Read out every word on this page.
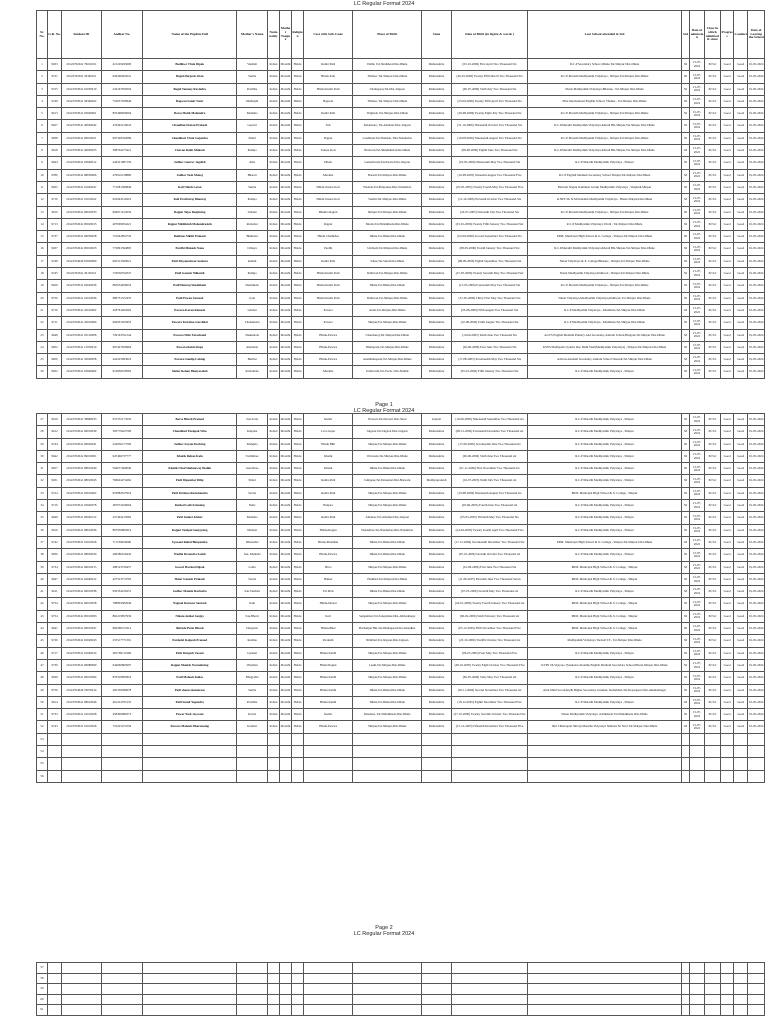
LC Regular Format 2024
Sr. No.	G.R. No.	Student ID	Aadhar No.	Name of the Pupil in Full	Mother's Name	Natio nality	Mother Tongue	Religion	Cast with Sub-Caste	Place of Birth	State	Date of Birth (in figure & words )	Last School attended & Std	Std	Date of admission	Class in which admitted & since	Progress	Conduct	Date of Leaving the School
1	9633	20122702041 79010011	415229295600	Badhiwe Vivek Dipak	Vaishali	Indian	Marathi	Hindu	Kunbi Patil	Palthi, Tal-Sindkhed-Dist-Dhule	Maharashtra	(03-10-2006) First April Two Thousand Six	R.C.P Secondary School ,Dhule,Tal-Shirpur Dist-Dhule	XI	15-07-2022	XI Sci	Good	Good	01-05-2024
2	9721	20122702041 56340011	926290264541	Bagul Durgesh Jiran	Sunita	Indian	Marathi	Hindu	Hindu Koli	Thalner, Tal-Shirpur Dist-Dhule	Maharashtra	(26-03-2006) Twenty Fifth March Two Thousand Six	R.C.P Marathi Madhyamik Vidyalaya , Shirpur,Tal-Shirpur Dist-Dhule	XI	15-07-2022	XI Sci	Good	Good	01-05-2024
3	9725	20122702041 01050010	234167959556	Bagul Tanmay Ravindra	Pratibha	Indian	Marathi	Hindu	Hindu Kunbi Patil	Chalisgaon,Tal-Dist-Jalgaon	Maharashtra	(06-07-2006) Sixth July Two Thousand Six	Nutan Madhyamik Vidyalaya,Bhatane , Tal-Shirpur Dist-Dhule	XI	15-07-2022	XI Sci	Good	Good	01-05-2024
4	9749	20122702041 56340022	752657030946	Bagwan Samir Nasir	Shehnajbi	Indian	Marathi	Hindu	Bagwan	Thalner, Tal-Shirpur Dist-Dhule	Maharashtra	(25-09-2006) Twenty Fifth April Two Thousand Six	Elite International English School, Thalner , Tal-Shirpur Dist-Dhule	XI	15-07-2022	XI Sci	Good	Good	01-05-2024
5	9613	20122702041 03040061	855498206094	Borse Mohit Mahendra	Manisha	Indian	Marathi	Hindu	Kunbi Patil	Waghadi, Tal-Shirpur-Dist-Dhule	Maharashtra	(29-08-2006) Twenty Eight July Two Thousand Six	R.C.P Marathi Madhyamik Vidyalaya , Shirpur,Tal-Shirpur Dist-Dhule	XI	15-07-2022	XI Sci	Good	Good	01-05-2024
6	9627	20122702041 40020042	476492216043	Chaudhari Ketan Prakash	Gayatri	Indian	Marathi	Hindu	Teli	Kalamsare, Tal-Amalner-Dist-Jalgaon	Maharashtra	(31-10-2006) Thirteenth October Two Thousand Six	R.C.P.Marathi Madhyamik Vidyalaya,Khardi BK,Shirpur,Tal-Shirpur Dist-Dhule	XI	15-07-2022	XI Sci	Good	Good	01-05-2024
7	9638	20122702041 00010021	997328332089	Chaudhari Vivek Gajendra	Shital	Indian	Marathi	Hindu	Rajput	Londhada,Tal-Shahada, Dist-Nandurbar	Maharashtra	(19-08-2006) Nineteenth August Two Thousand Six	R.C.P Marathi Madhyamik Vidyalaya , Shirpur,Tal-Shirpur Dist-Dhule	XI	15-07-2022	XI Sci	Good	Good	01-05-2024
8	9618	20122702041 40020025	398704275421	Chavan Rohit Mukesh	Pushpa	Indian	Marathi	Hindu	Tokare Koli	Betawad,Tal-Shindkheda,Dist-Dhule	Maharashtra	(08-08-2006) Eighth June Two Thousand Six	R.C.P.Marathi Madhyamik Vidyalaya,Khardi BK,Shirpur,Tal-Shirpur Dist-Dhule	XI	15-07-2022	XI Sci	Good	Good	01-05-2024
9	9644	20122702041 03040012	444521087159	Jadhav Gaurav Jagdish	Alka	Indian	Marathi	Hindu	Dhobi	Ganeshwadi,Tal-Parola-Dist-Jalgaon	Maharashtra	(19-05-2006) Nineteenth May Two Thousand Six	R.C.P Marathi Madhyamik Vidyalaya , Shirpur	XI	15-07-2022	XI Sci	Good	Good	01-05-2024
10	9780	20122702041 98050066	479910128880	Jadhav Yash Manoj	Bharati	Indian	Marathi	Hindu	Maratha	Barsali,Tal-Shirpur-Dist-Dhule	Maharashtra	(16-08-2005) Sixteenth August Two Thousand Five	R.C.P English Medium Secondary School Shirpur,Tal-Shirpur Dist-Dhule	XI	15-07-2022	XI Sci	Good	Good	01-05-2024
11	9625	20122702041 01040047	771681366849	Koli Nilesh Lotan	Sunita	Indian	Marathi	Hindu	Hindu Tokare Koli	Wadada,Tal-Pimpalner,Dist-Nandurbar	Maharashtra	(25-05-2005) Twenty Fourth May Two Thousand Five	Balwant Nagraj Kamlakar Guruji Madhyamik Vidyalaya , Waghadi,Shirpur	XI	15-07-2022	XI Sci	Good	Good	01-05-2024
12	9710	20122702041 01010022	925644519210	Koli Prathviraj Dhanraj	Pushpa	Indian	Marathi	Hindu	Hindu Tokare Koli	Sonshi,Tal-Shirpur-Dist-Dhule	Maharashtra	(13-10-2006) Eleventh October Two Thousand Six	R.NPS Sh. N.M.D.Indian Madhyamik Vidyalaya , Hisale,Shirpur,Dist-Dhule	XI	15-07-2022	XI Sci	Good	Good	01-05-2024
13	9610	20122702041 00010033	694971414559	Rajput Tejas Ranjitsing	Vandna	Indian	Marathi	Hindu	Bhamta Rajput	Shirpur,Tal-Shirpur-Dist-Dhule	Maharashtra	(24-07-2005) Sixteenth July Two Thousand Six	R.C.P Marathi Madhyamik Vidyalaya , Shirpur,Tal-Shirpur Dist-Dhule	XI	15-07-2022	XI Sci	Good	Good	01-05-2024
14	9713	20122702041 00020015	407009054221	Rajput Nikhilsinh Mahendrasinh	Ratnabai	Indian	Marathi	Hindu	Rajput	Mudia,Tal-Shindkheda,Dist-Dhule	Maharashtra	(25-01-2006) Twenty Fifth January Two Thousand Six	R.C.P Madhyamik Vidyalaya Wardi , Tal-Shirpur Dist-Dhule	XI	15-07-2022	XI Sci	Good	Good	01-05-2024
15	9737	20122702041 06030028	721042852743	Rakhme Nikhil Prakash	Bhikubai	Indian	Marathi	Hindu	Hindu Chambhar	Dhule,Tal-Dhule,Dist-Dhule	Maharashtra	(02-09-2006) Second September Two Thousand Six	PRM. Municipal High School & Jr. College , Shirpur,Tal-Shirpur Dist-Dhule	XI	15-07-2022	XI Sci	Good	Good	01-05-2024
16	9637	20122702041 00010023	772801394895	Pardhi Mukesh Nana	Chhaya	Indian	Marathi	Hindu	Pardhi	Unchedi,Tal-Shirpur,Dist-Dhule	Maharashtra	(08-05-2006) Fourth January Two Thousand Six	R.C.P.Marathi Madhyamik Vidyalaya,Khardi BK,Shirpur,Tal-Shirpur Dist-Dhule	XI	15-07-2022	XI Sci	Good	Good	01-05-2024
17	9748	20122704040 63020009	905513560021	Patil Dnyaneshwar mohara	kamini	Indian	Marathi	Hindu	Kunbi Patil	Sakre,Tal-Sakri,Dist-Dhule	Maharashtra	(08-09-2006) Eighth September Two Thousand Six	Nutan Vidyalaya & Jr. College,Bhatane , Shirpur,Tal-Shirpur Dist-Dhule	XI	15-07-2022	XI Sci	Good	Good	01-05-2024
18	9745	20122702041 20150011	723636550347	Patil Ganesh Nilkanth	Pushpa	Indian	Marathi	Hindu	Hindu Kunbi Patil	Dahiwad,Tal-Shirpur,Dist-Dhule	Maharashtra	(27-05-2006) Twenty Seventh May Two Thousand Six	Nutan Madhyamik Vidyalaya,Dahiwad , Shirpur,Tal-Shirpur Dist-Dhule	XI	15-07-2022	XI Sci	Good	Good	01-05-2024
19	9626	20122702041 04020036	865654956054	Patil Hemraj Shashikant	Shashikala	Indian	Marathi	Hindu	Hindu Kunbi Patil	Dhule,Tal-Dhule,Dist-Dhule	Maharashtra	(15-05-2006) Fourteenth May Two Thousand Six	R.C.P Marathi Madhyamik Vidyalaya , Shirpur,Tal-Shirpur Dist-Dhule	XI	15-07-2022	XI Sci	Good	Good	01-05-2024
20	9750	20122702041 01010036	680731372470	Patil Pawan Santosh	Jyoti	Indian	Marathi	Hindu	Hindu Kunbi Patil	Dahiwad,Tal-Shirpur,Dist-Dhule	Maharashtra	(31-05-2006) Thirty First May Two Thousand Six	Nutan Vidyalaya,Madhyamik Vidyalaya,Dahiwad, Tal-Shirpur Dist-Dhule	XI	15-07-2022	XI Sci	Good	Good	01-05-2024
21	9710	20122702041 45010002	418761464502	Pawara Karan Ramesh	Gitabai	Indian	Marathi	Hindu	Pawara	Arabi,Tal-Shirpur,Dist-Dhule	Maharashtra	(05-08-2006) Fifth August Two Thousand Six	R.C.P Madhyamik Vidyalaya , Khambale,Tal-Shirpur Dist-Dhule	XI	15-07-2022	XI Sci	Good	Good	01-05-2024
22	9711	20122702041 45010064	992957923952	Pawara Krushna Garshilal	Chandanbai	Indian	Marathi	Hindu	Pawara	Shirpur,Tal-Shirpur,Dist-Dhule	Maharashtra	(10-08-2006) Tenth August Two Thousand Six	R.C.P Madhyamik Vidyalaya , Khambale,Tal-Shirpur Dist-Dhule	XI	15-07-2022	XI Sci	Good	Good	01-05-2024
23	9648	20122702041 03120008	729163762144	Pawara Nitin Tarachand	Shakuntala	Indian	Marathi	Hindu	Hindu-Pawara	Chandsuraj,Tal-Shirpur,Dist-Dhule	Maharashtra	(10-06-2005) Tenth June Two Thousand Six	AGVS English Medium Primary And Secondary Ashram School,Hingoni,Tal-Shirpur Dist-Dhule	XI	15-07-2022	XI Sci	Good	Good	01-05-2024
24	9652	20122702041 15030019	667427920964	Pawara Rohit Singa	shantabai	Indian	Marathi	Hindu	Hindu-Pawara	Dhulapada,Tal-Shirpur,Dist-Dhule	Maharashtra	(02-06-2006) Four June Two Thousand Six	KVPS Madhyama Jyotiba Rao Mahi Yash(Madhyamik Vidyalaya) , Shirpur,Tal-Shirpur Dist-Dhule	XI	15-07-2022	XI Sci	Good	Good	01-05-2024
25	9650	20122702041 50020058	424225993623	Pawara Sandip Lalsing	Bulibai	Indian	Marathi	Hindu	Hindu-Pawara	Ananthakapada,Tal-Shirpur,Dist-Dhule	Maharashtra	(17-08-2005) Seventeenth May Two Thousand Six	Adivasi Anudani Secondary Ashram School Wasardi,Tal-Shirpur Dist-Dhule	XI	15-07-2022	XI Sci	Good	Good	01-05-2024
26	9622	20122702041 03040082	914836018562	Shelar Rohan Bhaiyasaheb	Ratnamala	Indian	Marathi	Hindu	Maratha	Undirwadi,Tal-Yeola, Dist-Nashik	Maharashtra	(05-01-2006) Fifth January Two Thousand Six	R.C.P Marathi Madhyamik Vidyalaya , Shirpur	XI	15-07-2022	XI Sci	Good	Good	01-05-2024
Page 1
LC Regular Format 2024
27	9619	20122702041 36860033	637552173550	Borse Hitesh Pramod	Sau.Sarla	Indian	Marathi	Hindu	Kunbi	Navsari,Tal-Navsari Dist-Surat	Gujarat	(19-09-2006) Nineteenth September Two Thousand six	R.C.P Marathi Madhyamik Vidyalaya , Shirpur	XI	15-07-2022	XI Sci	Good	Good	01-05-2024
28	9612	20122702041 00010039	395779425700	Chaudhari Pushpak Vilas	Kalpana	Indian	Marathi	Hindu	Leva Gujar	Jalgaon,Tal-Jalgaon Dist-Jalgaon	Maharashtra	(08-12-2006) Fourteenth December Two Thousand six	R.C.P Marathi Madhyamik Vidyalaya , Shirpur	XI	15-07-2022	XI Sci	Good	Good	01-05-2024
29	9744	20122702041 00020041	224636177500	Jadhav Soyam Devising	Mangala	Indian	Marathi	Hindu	Hindu Bhil	Shirpur,Tal-Shirpur,Dist-Dhule	Maharashtra	(17-06-2006) Seventeenth June Two Thousand six	R.C.P Marathi Madhyamik Vidyalaya , Shirpur	XI	15-07-2022	XI Sci	Good	Good	01-05-2024
30	9642	20122702041 99010001	947466737777	Khatik Rehan Kalu	Taslimbee	Indian	Marathi	Hindu	Khatik	Warwade,Tal-Shirpur,Dist-Dhule	Maharashtra	(06-06-2006) Sixth June Two Thousand six	R.C.P Marathi Madhyamik Vidyalaya , Shirpur	XI	15-07-2022	XI Sci	Good	Good	01-05-2024
31	9657	20122702041 98010040	594077460040	Khatik Ubed Shahnawaj Shaikh	Aarefabee	Indian	Marathi	Hindu	Khatik	Dhule,Tal-Dhule,Dist-Dhule	Maharashtra	(01-11-2006) First November Two Thousand six	R.C.P Marathi Madhyamik Vidyalaya , Shirpur	XI	15-07-2022	XI Sci	Good	Good	01-05-2024
32	9631	20122702041 98010045	766624274262	Patil Digambar Dilip	Shital	Indian	Marathi	Hindu	Kunbi-Patil	Jamjapur,Tal-Pansemal,Dist-Barwani	Madhyapradesh	(16-07-2005) Tenth July Two Thousand six	R.C.P Marathi Madhyamik Vidyalaya , Shirpur	XI	15-07-2022	XI Sci	Good	Good	01-05-2024
33	9724	20122702041 03010002	970884557919	Patil Krishna Ramchandra	Savita	Indian	Marathi	Hindu	Kunbi-Patil	Shirpur,Tal-Shirpur,Dist-Dhule	Maharashtra	(19-08-2006) Nineteenth August Two Thousand six	PRM. Municipal High School & Jr. College , Shirpur	XI	15-07-2022	XI Sci	Good	Good	01-05-2024
34	9716	20122702041 03040078	487074166064	Rathod Lalit Fattesing	Neha	Indian	Marathi	Hindu	Banjara	Shirpur,Tal-Shirpur,Dist-Dhule	Maharashtra	(03-06-2005) Fourth June Two Thousand six	R.C.P Marathi Madhyamik Vidyalaya , Shirpur	XI	15-07-2022	XI Sci	Good	Good	01-05-2024
35	9649	20122702041 00040152	257494215082	Patil Sanket Kishor	Manisha	Indian	Marathi	Hindu	Kunbi-Patil	Amalner,Tal-Amalner,Dist-Jalgaon	Maharashtra	(03-03-2005) Thirtieth May Two Thousand Six	R.C.P Marathi Madhyamik Vidyalaya , Shirpur	XI	15-07-2022	XI Sci	Good	Good	01-05-2024
36	9616	20122702041 98010036	807950809216	Rajput Yashpal Sanjaysing	Mirabai	Indian	Marathi	Hindu	Hindu-Rajput	Nandurbar,Tal-Nandurbar,Dist-Nandurbar	Maharashtra	(24-04-2005) Twenty Fourth April Two Thousand Five	R.C.P Marathi Madhyamik Vidyalaya , Shirpur	XI	15-07-2022	XI Sci	Good	Good	01-05-2024
37	9742	20122702041 01010026	711559954660	Upasani Rahul Bhupendra	Dhanashri	Indian	Marathi	Hindu	Hindu-Bramhan	Dhule,Tal-Dhule,Dist-Dhule	Maharashtra	(17-12-2006) Seventeenth December Two Thousand Six	PRM. Municipal High School & Jr. College , Shirpur,Tal-Shirpur Dist-Dhule	XI	15-07-2022	XI Sci	Good	Good	01-05-2024
38	9630	20122702041 98020030	269580016445	Wadile Devendra Satish	Sau. Manisha	Indian	Marathi	Hindu	Hindu-Pawara	Dhule,Tal-Dhule,Dist-Dhule	Maharashtra	(07-10-2006) Seventh October Two Thousand six	R.C.P Marathi Madhyamik Vidyalaya , Shirpur	XI	15-07-2022	XI Sci	Good	Good	01-05-2024
39	9734	20122702041 99010015	288123726457	Gosavi Harshal Dipak	Lalita	Indian	Marathi	Hindu	Bava	Shirpur,Tal-Shirpur,Dist-Dhule	Maharashtra	(01-06-2006) First June Two Thousand Six	PRM. Municipal High School & Jr. College , Shirpur	XI	15-07-2022	XI Sci	Good	Good	01-05-2024
40	9647	20122702041 02040012	427523774765	Halar Ganesh Prakash	Sarala	Indian	Marathi	Hindu	Hatkar	Hatkhed,Tal-Shirpur,Dist-Dhule	Maharashtra	(11-06-2007) Eleventh June Two Thousand Seven	PRM. Municipal High School & Jr. College , Shirpur	XI	15-07-2022	XI Sci	Good	Good	01-05-2024
41	9611	20122702041 00010038	950354250251	Jadhav Manish Ravindra	Sau.Vaishali	Indian	Marathi	Hindu	Fal Mali	Dhule,Tal-Dhule,Dist-Dhule	Maharashtra	(07-05-2006) Seventh May Two Thousand six	R.C.P Marathi Madhyamik Vidyalaya , Shirpur	XI	15-07-2022	XI Sci	Good	Good	01-05-2024
42	9754	20122702041 00010058	798804382949	Nagmal Ranveer Santosh	Indu	Indian	Marathi	Hindu	Hindu-Khatar	Shirpur,Tal-Shirpur,Dist-Dhule	Maharashtra	(24-01-2006) Twenty Fourth January Two Thousand six	PRM. Municipal High School & Jr. College , Shirpur	XI	15-07-2022	XI Sci	Good	Good	01-05-2024
43	9754	20122702041 00010093	862219857936	Nikam Aniket Sanjay	Sau.Bharti	Indian	Marathi	Hindu	Koli	Sangamner,Tal-Sangamner,Dist-Ahmadnagar	Maharashtra	(06-02-2006) Sixth February Two Thousand six	PRM. Municipal High School & Jr. College , Shirpur	XI	15-07-2022	XI Sci	Good	Good	01-05-2024
44	9641	20122702041 00010047	982266313314	Shirude Prem Hitesh	Durgabai	Indian	Marathi	Hindu	Hindu-Bhoi	Borhanpur BK,Tal-Dhulagaon,Dist-Jalandhar	Maharashtra	(05-12-2005) Fifth November Two Thousand Five	PRM. Municipal High School & Jr. College , Shirpur	XI	15-07-2022	XI Sci	Good	Good	01-05-2024
45	9726	20122702041 02020043	253517771391	Pardeshi Kalpesh Pramod	Roshna	Indian	Marathi	Hindu	Pardeshi	Nimbhal,Tal-Jalgaon,Dist-Jalgaon	Maharashtra	(23-10-2006) Twelfth October Two Thousand six	Madhyamik Vidyalaya Tardadi T.T., Tal-Shirpur Dist-Dhule	XI	15-07-2022	XI Sci	Good	Good	01-05-2024
46	9717	20122702041 01040014	481769711969	Patil Durgesh Vasant	Jayaben	Indian	Marathi	Hindu	Hindu Kunbi	Shirpur,Tal-Shirpur,Dist-Dhule	Maharashtra	(06-05-2005) Four May Two Thousand Five	R.C.P Marathi Madhyamik Vidyalaya , Shirpur	XI	15-07-2022	XI Sci	Good	Good	01-05-2024
47	9730	20122702041 00080099	644660865997	Rajput Manish Navnathsing	Vimalbai	Indian	Marathi	Hindu	Hindu Rajput	Lauki,Tal-Shirpur,Dist-Dhule	Maharashtra	(28-10-2005) Twenty Eight October Two Thousand Five	KVPS Sh.Vijayrao Vyankatrao Randhe English Medium Secondary School,Hisale,Shirpur Dist-Dhule	XI	15-07-2022	XI Sci	Good	Good	01-05-2024
48	9639	20122702041 00010094	876318695816	Patil Mahesh Kailas	Bhagyshri	Indian	Marathi	Hindu	Hindu Kunbi	Shirpur,Tal-Shirpur,Dist-Dhule	Maharashtra	(06-05-2006) Sixty May Two Thousand six	R.C.P Marathi Madhyamik Vidyalaya , Shirpur	XI	15-07-2022	XI Sci	Good	Good	01-05-2024
49	9756	20122704040 76070014	265339580078	Patil shanu shantaram	Sunita	Indian	Marathi	Hindu	Hindu Kunbi	Dhule,Tal-Dhule,Dist-Dhule	Maharashtra	(02-11-2006) Second November Two Thousand six	Arun Malti Secondary& Higher Secondary Gurukul, Kedarkhan Tal-Kopargaon Dist-Ahemadnagar	XI	15-07-2022	XI Sci	Good	Good	01-05-2024
50	9614	20122702041 98010046	461414795155	Patil Sumit Yogendra	Pratibha	Indian	Marathi	Hindu	Hindu Kunbi	Dhule,Tal-Dhule,Dist-Dhule	Maharashtra	(18-12-2005) Eighth December Two Thousand Five	R.C.P Marathi Madhyamik Vidyalaya , Shirpur	XI	15-07-2022	XI Sci	Good	Good	01-05-2024
51	9733	20122702041 01010028	458490080273	Pawar Yash Jaywant	Kavita	Indian	Marathi	Hindu	Kunbi	Khedana, Tal-Shindkheda,Dist-Dhule	Maharashtra	(27-10-2006) Twenty Seventh October Two Thousand Six	Nutan Madhyamik Vidyalaya ,Kamkheda Tal-Shindkheda Dist-Dhule	XI	15-07-2022	XI Sci	Good	Good	01-05-2024
52	9743	20122702041 01010026	719225471056	Pawara Mahesh Dharamsing	Kalabai	Indian	Marathi	Hindu	Hindu-Pawara	Shirpur,Tal-Shirpur,Dist-Dhule	Maharashtra	(15-12-2005) Fifteenth December Two Thousand Five	Shri Chhatrapati Shivaji Maratha Vidyalaya Nimzari,Nr Navi Tal-Shirpur Dist-Dhule	XI	15-07-2022	XI Sci	Good	Good	01-05-2024
53																			
54																			
55																			
56																			
Page 2
LC Regular Format 2024
57																			
58																			
59																			
60																			
61																			
